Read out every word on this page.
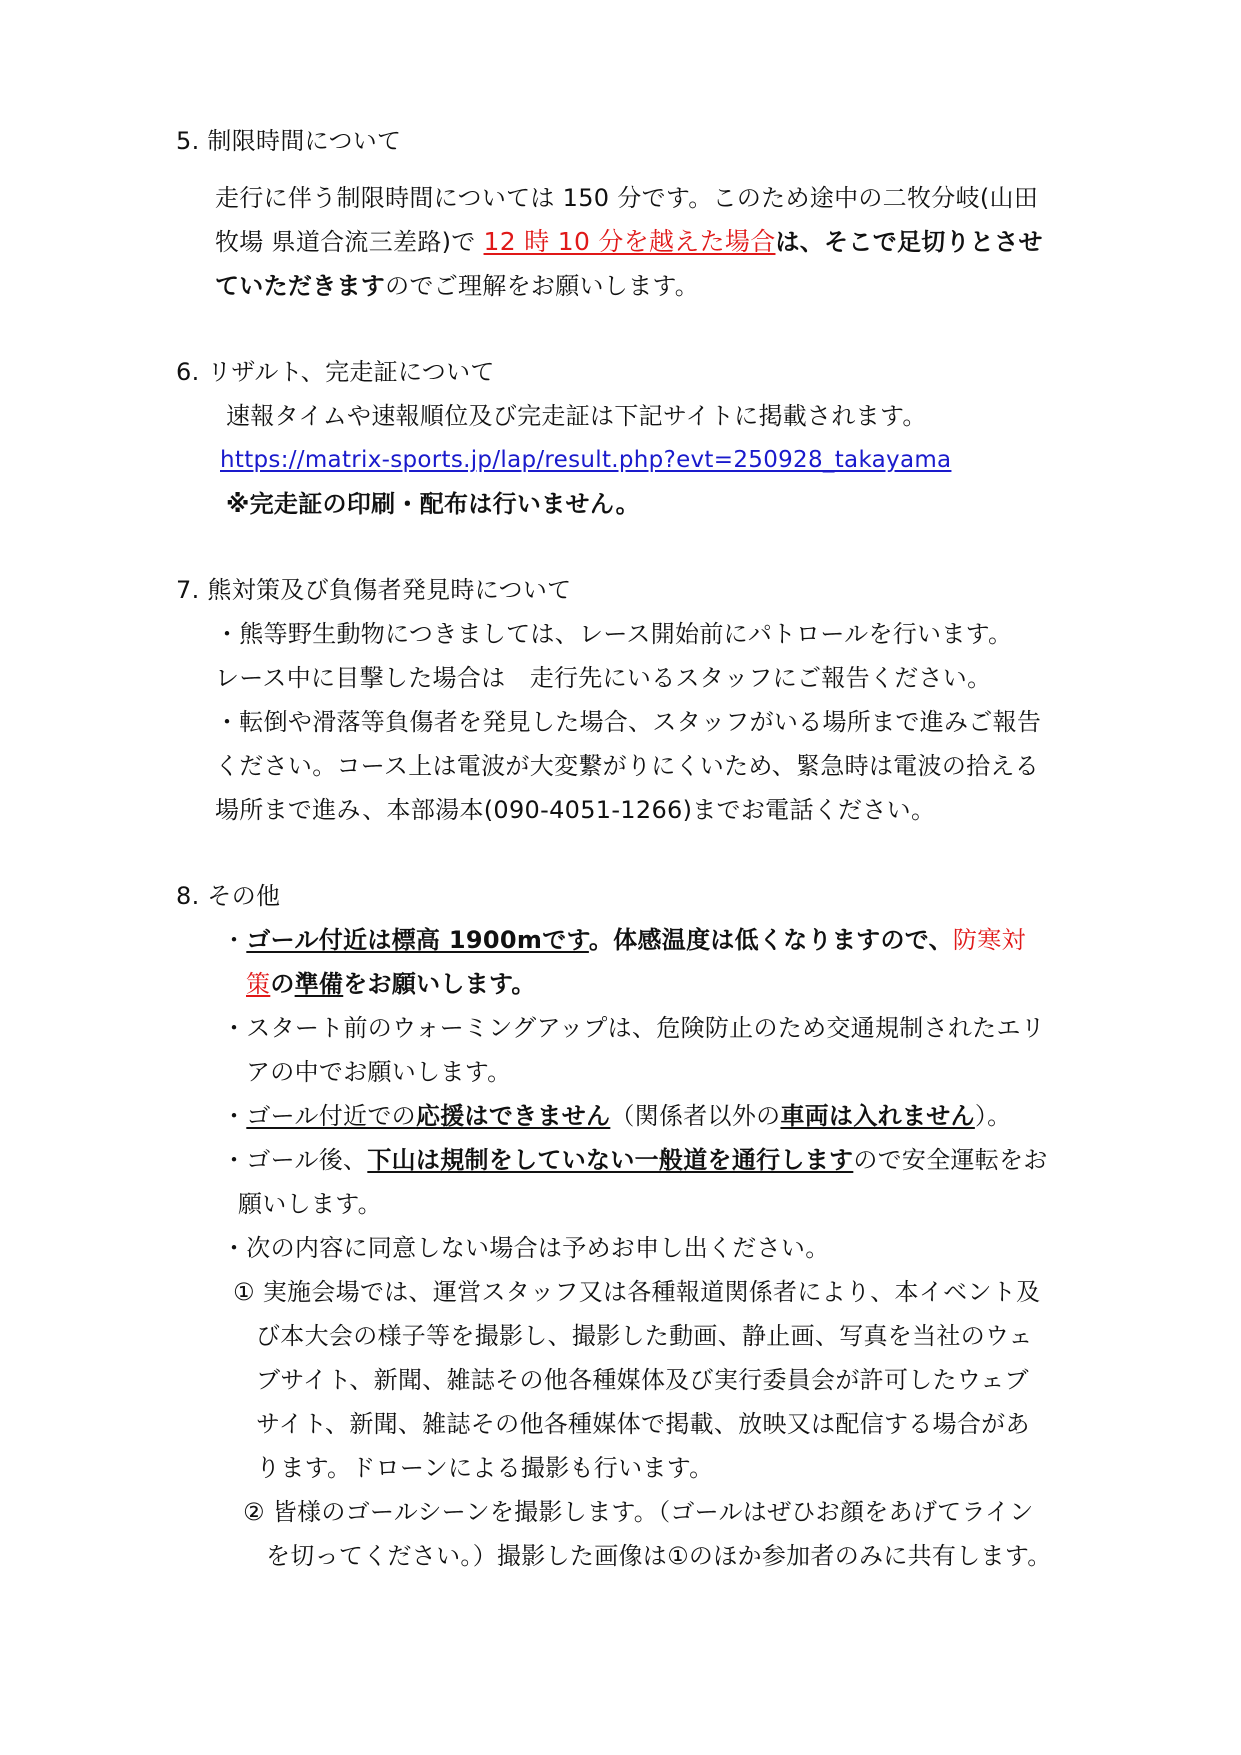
5. 制限時間について
走行に伴う制限時間については 150 分です。このため途中の二牧分岐(山田
牧場 県道合流三差路)で 12 時 10 分を越えた場合は、そこで足切りとさせ
ていただきますのでご理解をお願いします。
6. リザルト、完走証について
速報タイムや速報順位及び完走証は下記サイトに掲載されます。
https://matrix-sports.jp/lap/result.php?evt=250928_takayama
※完走証の印刷・配布は行いません。
7. 熊対策及び負傷者発見時について
・熊等野生動物につきましては、レース開始前にパトロールを行います。
レース中に目撃した場合は　走行先にいるスタッフにご報告ください。
・転倒や滑落等負傷者を発見した場合、スタッフがいる場所まで進みご報告
ください。コース上は電波が大変繋がりにくいため、緊急時は電波の拾える
場所まで進み、本部湯本(090-4051-1266)までお電話ください。
8. その他
・ゴール付近は標高 1900mです。体感温度は低くなりますので、防寒対
策の準備をお願いします。
・スタート前のウォーミングアップは、危険防止のため交通規制されたエリ
アの中でお願いします。
・ゴール付近での応援はできません（関係者以外の車両は入れません）。
・ゴール後、下山は規制をしていない一般道を通行しますので安全運転をお
願いします。
・次の内容に同意しない場合は予めお申し出ください。
① 実施会場では、運営スタッフ又は各種報道関係者により、本イベント及
び本大会の様子等を撮影し、撮影した動画、静止画、写真を当社のウェ
ブサイト、新聞、雑誌その他各種媒体及び実行委員会が許可したウェブ
サイト、新聞、雑誌その他各種媒体で掲載、放映又は配信する場合があ
ります。ドローンによる撮影も行います。
② 皆様のゴールシーンを撮影します。（ゴールはぜひお顔をあげてライン
を切ってください。）撮影した画像は①のほか参加者のみに共有します。
